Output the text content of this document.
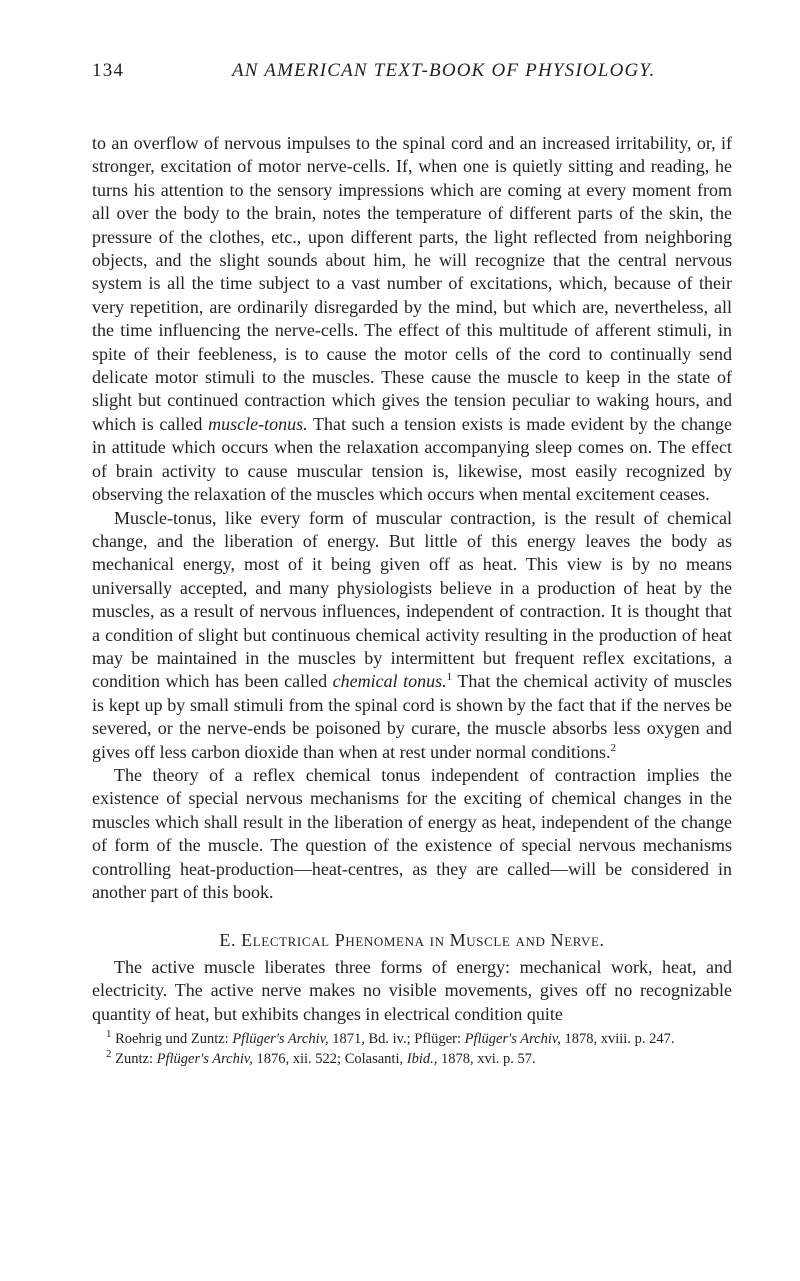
134	AN AMERICAN TEXT-BOOK OF PHYSIOLOGY.

to an overflow of nervous impulses to the spinal cord and an increased irritability, or, if stronger, excitation of motor nerve-cells. If, when one is quietly sitting and reading, he turns his attention to the sensory impressions which are coming at every moment from all over the body to the brain, notes the temperature of different parts of the skin, the pressure of the clothes, etc., upon different parts, the light reflected from neighboring objects, and the slight sounds about him, he will recognize that the central nervous system is all the time subject to a vast number of excitations, which, because of their very repetition, are ordinarily disregarded by the mind, but which are, nevertheless, all the time influencing the nerve-cells. The effect of this multitude of afferent stimuli, in spite of their feebleness, is to cause the motor cells of the cord to continually send delicate motor stimuli to the muscles. These cause the muscle to keep in the state of slight but continued contraction which gives the tension peculiar to waking hours, and which is called muscle-tonus. That such a tension exists is made evident by the change in attitude which occurs when the relaxation accompanying sleep comes on. The effect of brain activity to cause muscular tension is, likewise, most easily recognized by observing the relaxation of the muscles which occurs when mental excitement ceases.

Muscle-tonus, like every form of muscular contraction, is the result of chemical change, and the liberation of energy. But little of this energy leaves the body as mechanical energy, most of it being given off as heat. This view is by no means universally accepted, and many physiologists believe in a production of heat by the muscles, as a result of nervous influences, independent of contraction. It is thought that a condition of slight but continuous chemical activity resulting in the production of heat may be maintained in the muscles by intermittent but frequent reflex excitations, a condition which has been called chemical tonus.$^1$ That the chemical activity of muscles is kept up by small stimuli from the spinal cord is shown by the fact that if the nerves be severed, or the nerve-ends be poisoned by curare, the muscle absorbs less oxygen and gives off less carbon dioxide than when at rest under normal conditions.$^2$

The theory of a reflex chemical tonus independent of contraction implies the existence of special nervous mechanisms for the exciting of chemical changes in the muscles which shall result in the liberation of energy as heat, independent of the change of form of the muscle. The question of the existence of special nervous mechanisms controlling heat-production—heat-centres, as they are called—will be considered in another part of this book.

E. Electrical Phenomena in Muscle and Nerve.

The active muscle liberates three forms of energy: mechanical work, heat, and electricity. The active nerve makes no visible movements, gives off no recognizable quantity of heat, but exhibits changes in electrical condition quite

$^1$ Roehrig und Zuntz: Pflüger's Archiv, 1871, Bd. iv.; Pflüger: Pflüger's Archiv, 1878, xviii. p. 247.

$^2$ Zuntz: Pflüger's Archiv, 1876, xii. 522; Colasanti, Ibid., 1878, xvi. p. 57.
